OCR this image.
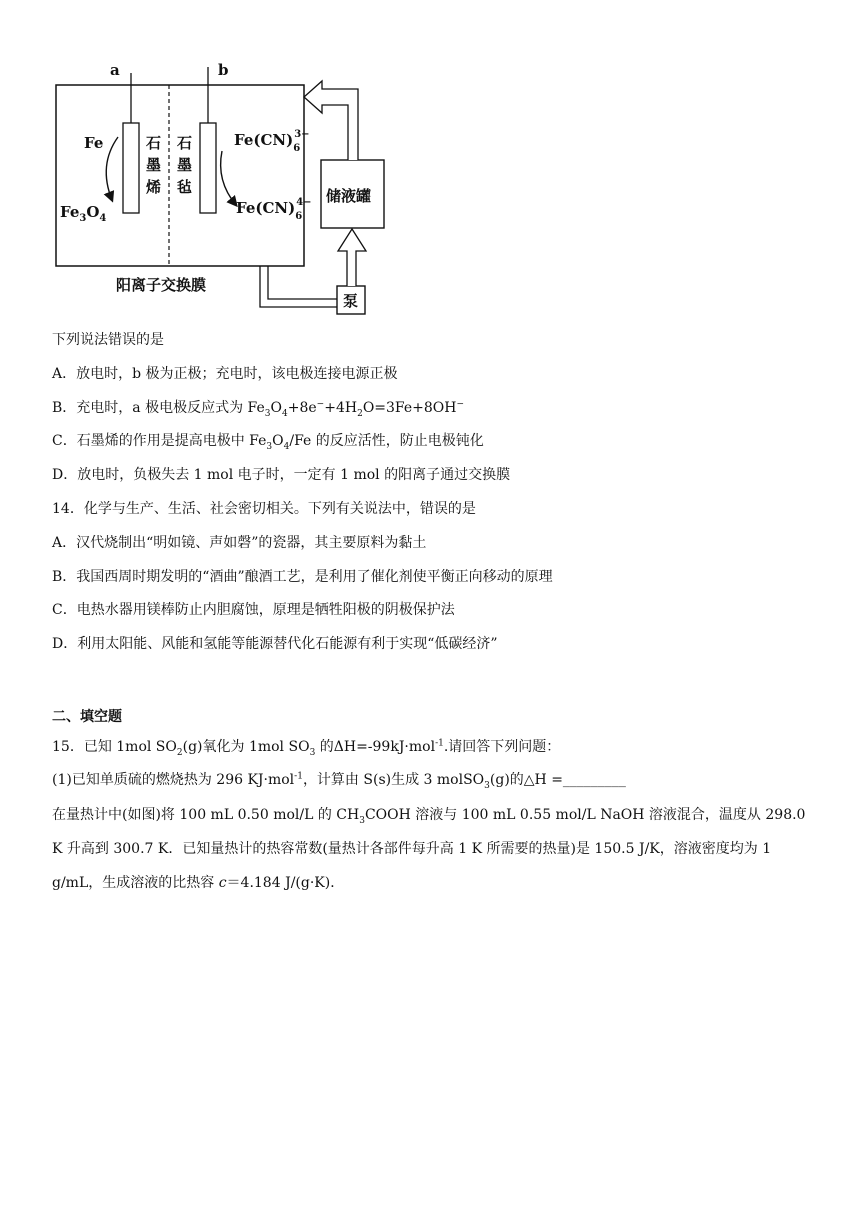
a	b
石
墨
烯
石
墨
毡
Fe
$Fe_3O_4$
$Fe(CN)_63-$
$Fe(CN)_64-$
阳离子交换膜
储液罐
泵
下列说法错误的是
A．放电时，b 极为正极；充电时，该电极连接电源正极
B．充电时，a 极电极反应式为 $Fe_3O_4+8e^-+4H_2O=3Fe+8OH^-$
C．石墨烯的作用是提高电极中 $Fe_3O_4/Fe$ 的反应活性，防止电极钝化
D．放电时，负极失去 1 mol 电子时，一定有 1 mol 的阳离子通过交换膜
14．化学与生产、生活、社会密切相关。下列有关说法中，错误的是
A．汉代烧制出“明如镜、声如磬”的瓷器，其主要原料为黏土
B．我国西周时期发明的“酒曲”酿酒工艺，是利用了催化剂使平衡正向移动的原理
C．电热水器用镁棒防止内胆腐蚀，原理是牺牲阳极的阴极保护法
D．利用太阳能、风能和氢能等能源替代化石能源有利于实现“低碳经济”
二、填空题
15．已知 1mol $SO_2(g)$氧化为 1mol $SO_3$ 的ΔH=-99kJ·mol$^{-1}$.请回答下列问题：
(1)已知单质硫的燃烧热为 296 KJ·mol$^{-1}$，计算由 S(s)生成 3 molSO$_3$(g)的△H =_________
在量热计中(如图)将 100 mL 0.50 mol/L 的 $CH_3COOH$ 溶液与 100 mL 0.55 mol/L NaOH 溶液混合，温度从 298.0 K 升高到 300.7 K．已知量热计的热容常数(量热计各部件每升高 1 K 所需要的热量)是 150.5 J/K，溶液密度均为 1 g/mL，生成溶液的比热容 c＝4.184 J/(g·K)．
